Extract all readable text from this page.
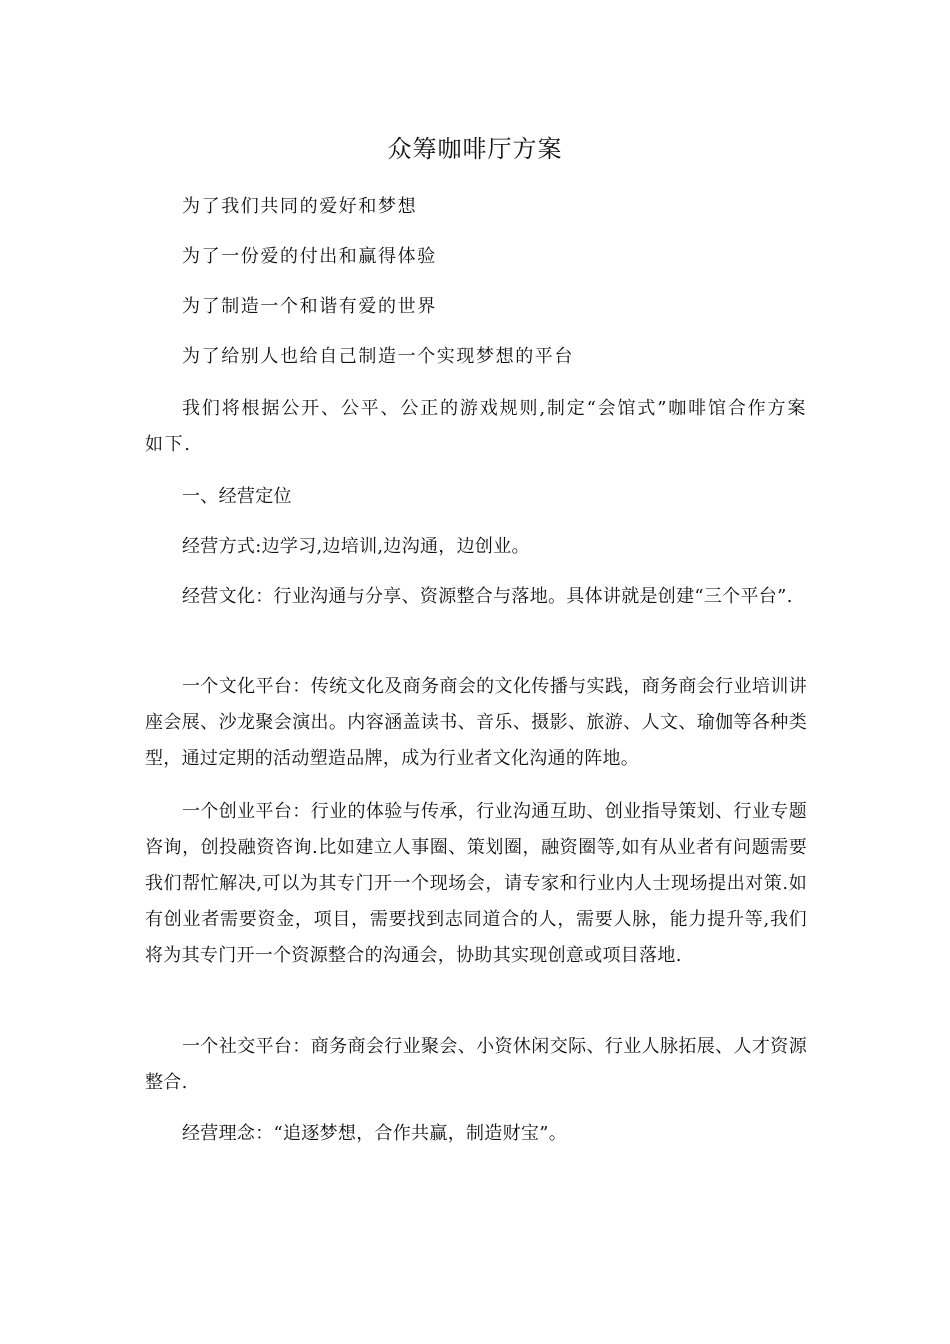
众筹咖啡厅方案

为了我们共同的爱好和梦想

为了一份爱的付出和赢得体验

为了制造一个和谐有爱的世界

为了给别人也给自己制造一个实现梦想的平台

我们将根据公开、公平、公正的游戏规则,制定“会馆式”咖啡馆合作方案如下.

一、经营定位

经营方式:边学习,边培训,边沟通，边创业。

经营文化：行业沟通与分享、资源整合与落地。具体讲就是创建“三个平台”.

一个文化平台：传统文化及商务商会的文化传播与实践，商务商会行业培训讲座会展、沙龙聚会演出。内容涵盖读书、音乐、摄影、旅游、人文、瑜伽等各种类型，通过定期的活动塑造品牌，成为行业者文化沟通的阵地。

一个创业平台：行业的体验与传承，行业沟通互助、创业指导策划、行业专题咨询，创投融资咨询.比如建立人事圈、策划圈，融资圈等,如有从业者有问题需要我们帮忙解决,可以为其专门开一个现场会，请专家和行业内人士现场提出对策.如有创业者需要资金，项目，需要找到志同道合的人，需要人脉，能力提升等,我们将为其专门开一个资源整合的沟通会，协助其实现创意或项目落地.

一个社交平台：商务商会行业聚会、小资休闲交际、行业人脉拓展、人才资源整合.

经营理念：“追逐梦想，合作共赢，制造财宝”。
